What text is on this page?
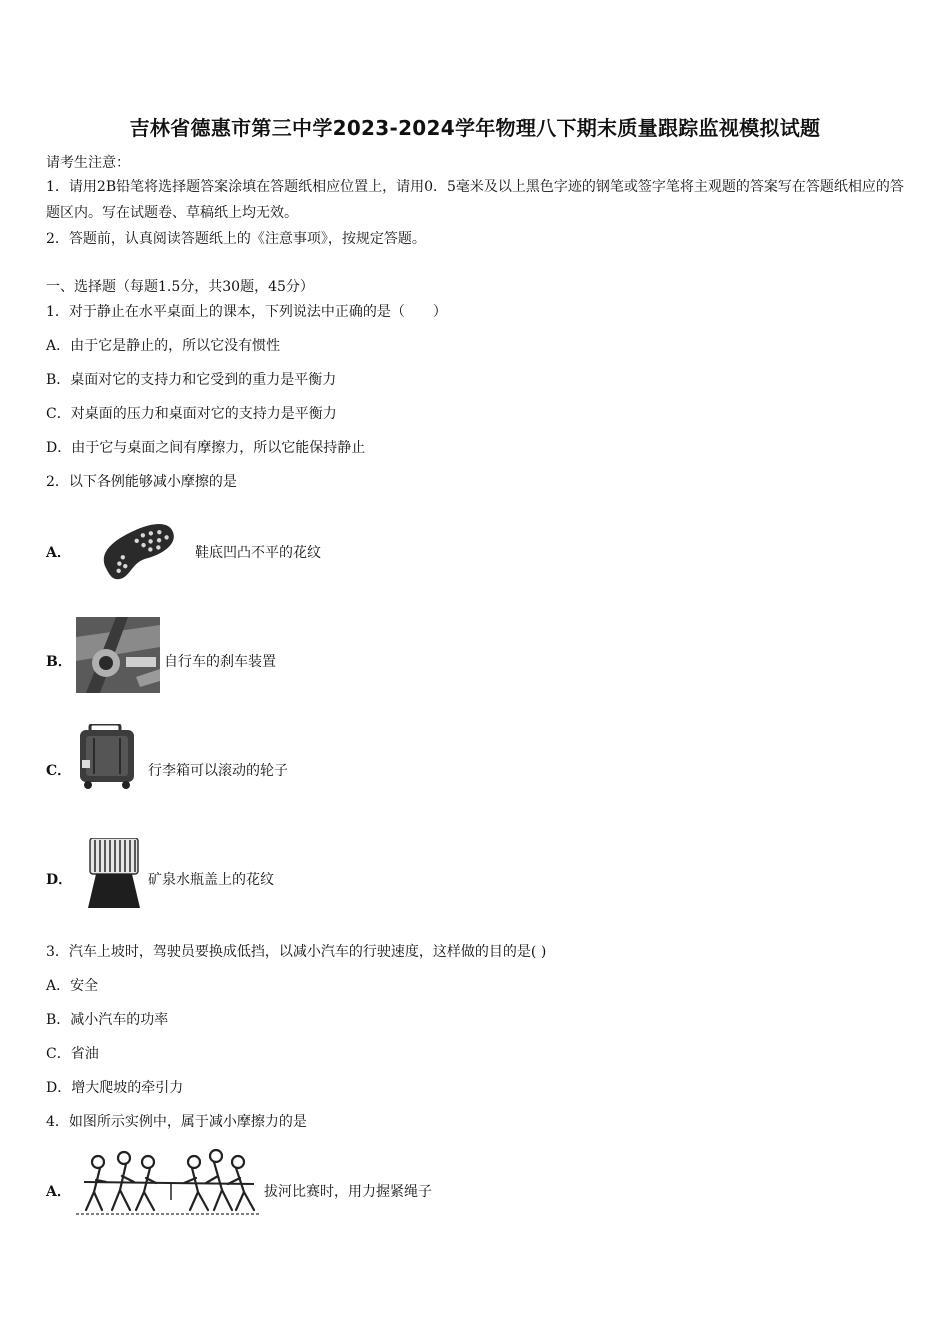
吉林省德惠市第三中学2023-2024学年物理八下期末质量跟踪监视模拟试题
请考生注意：
1．请用2B铅笔将选择题答案涂填在答题纸相应位置上，请用0．5毫米及以上黑色字迹的钢笔或签字笔将主观题的答案写在答题纸相应的答题区内。写在试题卷、草稿纸上均无效。
2．答题前，认真阅读答题纸上的《注意事项》，按规定答题。
一、选择题（每题1.5分，共30题，45分）
1．对于静止在水平桌面上的课本，下列说法中正确的是（　　）
A．由于它是静止的，所以它没有惯性
B．桌面对它的支持力和它受到的重力是平衡力
C．对桌面的压力和桌面对它的支持力是平衡力
D．由于它与桌面之间有摩擦力，所以它能保持静止
2．以下各例能够减小摩擦的是
A．	鞋底凹凸不平的花纹
B．	自行车的刹车装置
C．	行李箱可以滚动的轮子
D．	矿泉水瓶盖上的花纹
3．汽车上坡时，驾驶员要换成低挡，以减小汽车的行驶速度，这样做的目的是( )
A．安全
B．减小汽车的功率
C．省油
D．增大爬坡的牵引力
4．如图所示实例中，属于减小摩擦力的是
A．	拔河比赛时，用力握紧绳子
